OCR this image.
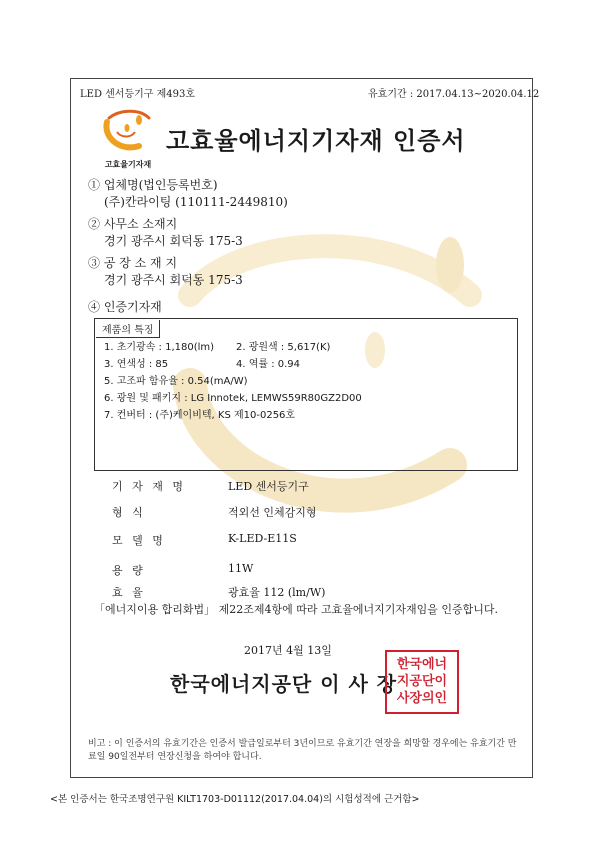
LED 센서등기구 제493호	유효기간 : 2017.04.13~2020.04.12
고효율기자재
고효율에너지기자재 인증서
① 업체명(법인등록번호)
(주)칸라이팅 (110111-2449810)
② 사무소 소재지
경기 광주시 회덕동 175-3
③ 공 장 소 재 지
경기 광주시 회덕동 175-3
④ 인증기자재
제품의 특징
1. 초기광속 : 1,180(lm) 2. 광원색 : 5,617(K)
3. 연색성 : 85	4. 역률 : 0.94
5. 고조파 함유율 : 0.54(mA/W)
6. 광원 및 패키지 : LG Innotek, LEMWS59R80GZ2D00
7. 컨버터 : (주)케이비텍, KS 제10-0256호
기 자 재 명	LED 센서등기구
형 식	적외선 인체감지형
모 델 명	K-LED-E11S
용 량	11W
효 율	광효율 112 (lm/W)
「에너지이용 합리화법」 제22조제4항에 따라 고효율에너지기자재임을 인증합니다.
2017년 4월 13일
한국에너지공단 이 사 장
한국에너
지공단이
사장의인
비고 : 이 인증서의 유효기간은 인증서 발급일로부터 3년이므로 유효기간 연장을 희망할 경우에는 유효기간 만료일 90일전부터 연장신청을 하여야 합니다.
<본 인증서는 한국조명연구원 KILT1703-D01112(2017.04.04)의 시험성적에 근거함>
